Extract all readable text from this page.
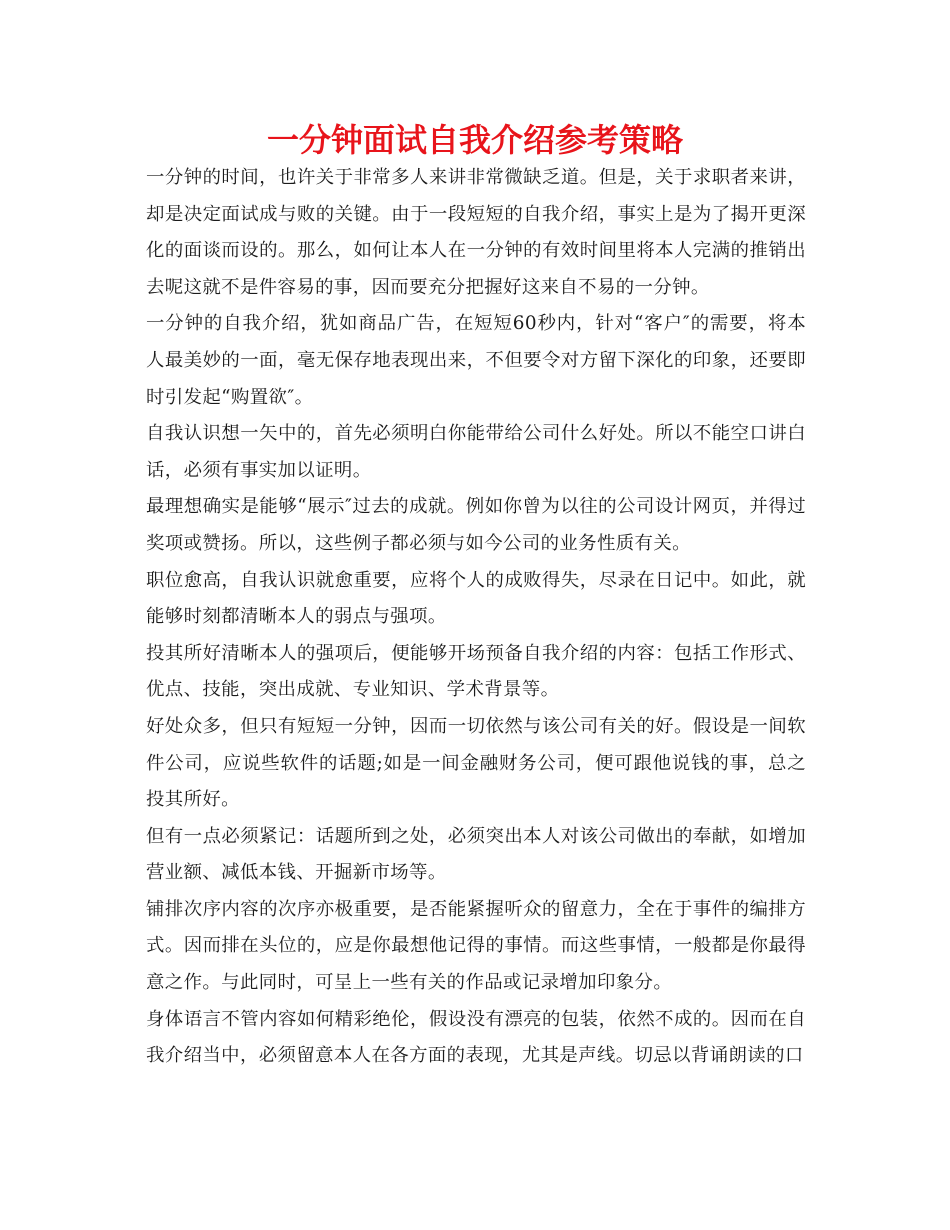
一分钟面试自我介绍参考策略

一分钟的时间，也许关于非常多人来讲非常微缺乏道。但是，关于求职者来讲，却是决定面试成与败的关键。由于一段短短的自我介绍，事实上是为了揭开更深化的面谈而设的。那么，如何让本人在一分钟的有效时间里将本人完满的推销出去呢这就不是件容易的事，因而要充分把握好这来自不易的一分钟。

一分钟的自我介绍，犹如商品广告，在短短60秒内，针对“客户″的需要，将本人最美妙的一面，毫无保存地表现出来，不但要令对方留下深化的印象，还要即时引发起“购置欲″。

自我认识想一矢中的，首先必须明白你能带给公司什么好处。所以不能空口讲白话，必须有事实加以证明。

最理想确实是能够“展示″过去的成就。例如你曾为以往的公司设计网页，并得过奖项或赞扬。所以，这些例子都必须与如今公司的业务性质有关。

职位愈高，自我认识就愈重要，应将个人的成败得失，尽录在日记中。如此，就能够时刻都清晰本人的弱点与强项。

投其所好清晰本人的强项后，便能够开场预备自我介绍的内容：包括工作形式、优点、技能，突出成就、专业知识、学术背景等。

好处众多，但只有短短一分钟，因而一切依然与该公司有关的好。假设是一间软件公司，应说些软件的话题;如是一间金融财务公司，便可跟他说钱的事，总之投其所好。

但有一点必须紧记：话题所到之处，必须突出本人对该公司做出的奉献，如增加营业额、减低本钱、开掘新市场等。

铺排次序内容的次序亦极重要，是否能紧握听众的留意力，全在于事件的编排方式。因而排在头位的，应是你最想他记得的事情。而这些事情，一般都是你最得意之作。与此同时，可呈上一些有关的作品或记录增加印象分。

身体语言不管内容如何精彩绝伦，假设没有漂亮的包装，依然不成的。因而在自我介绍当中，必须留意本人在各方面的表现，尤其是声线。切忌以背诵朗读的口
